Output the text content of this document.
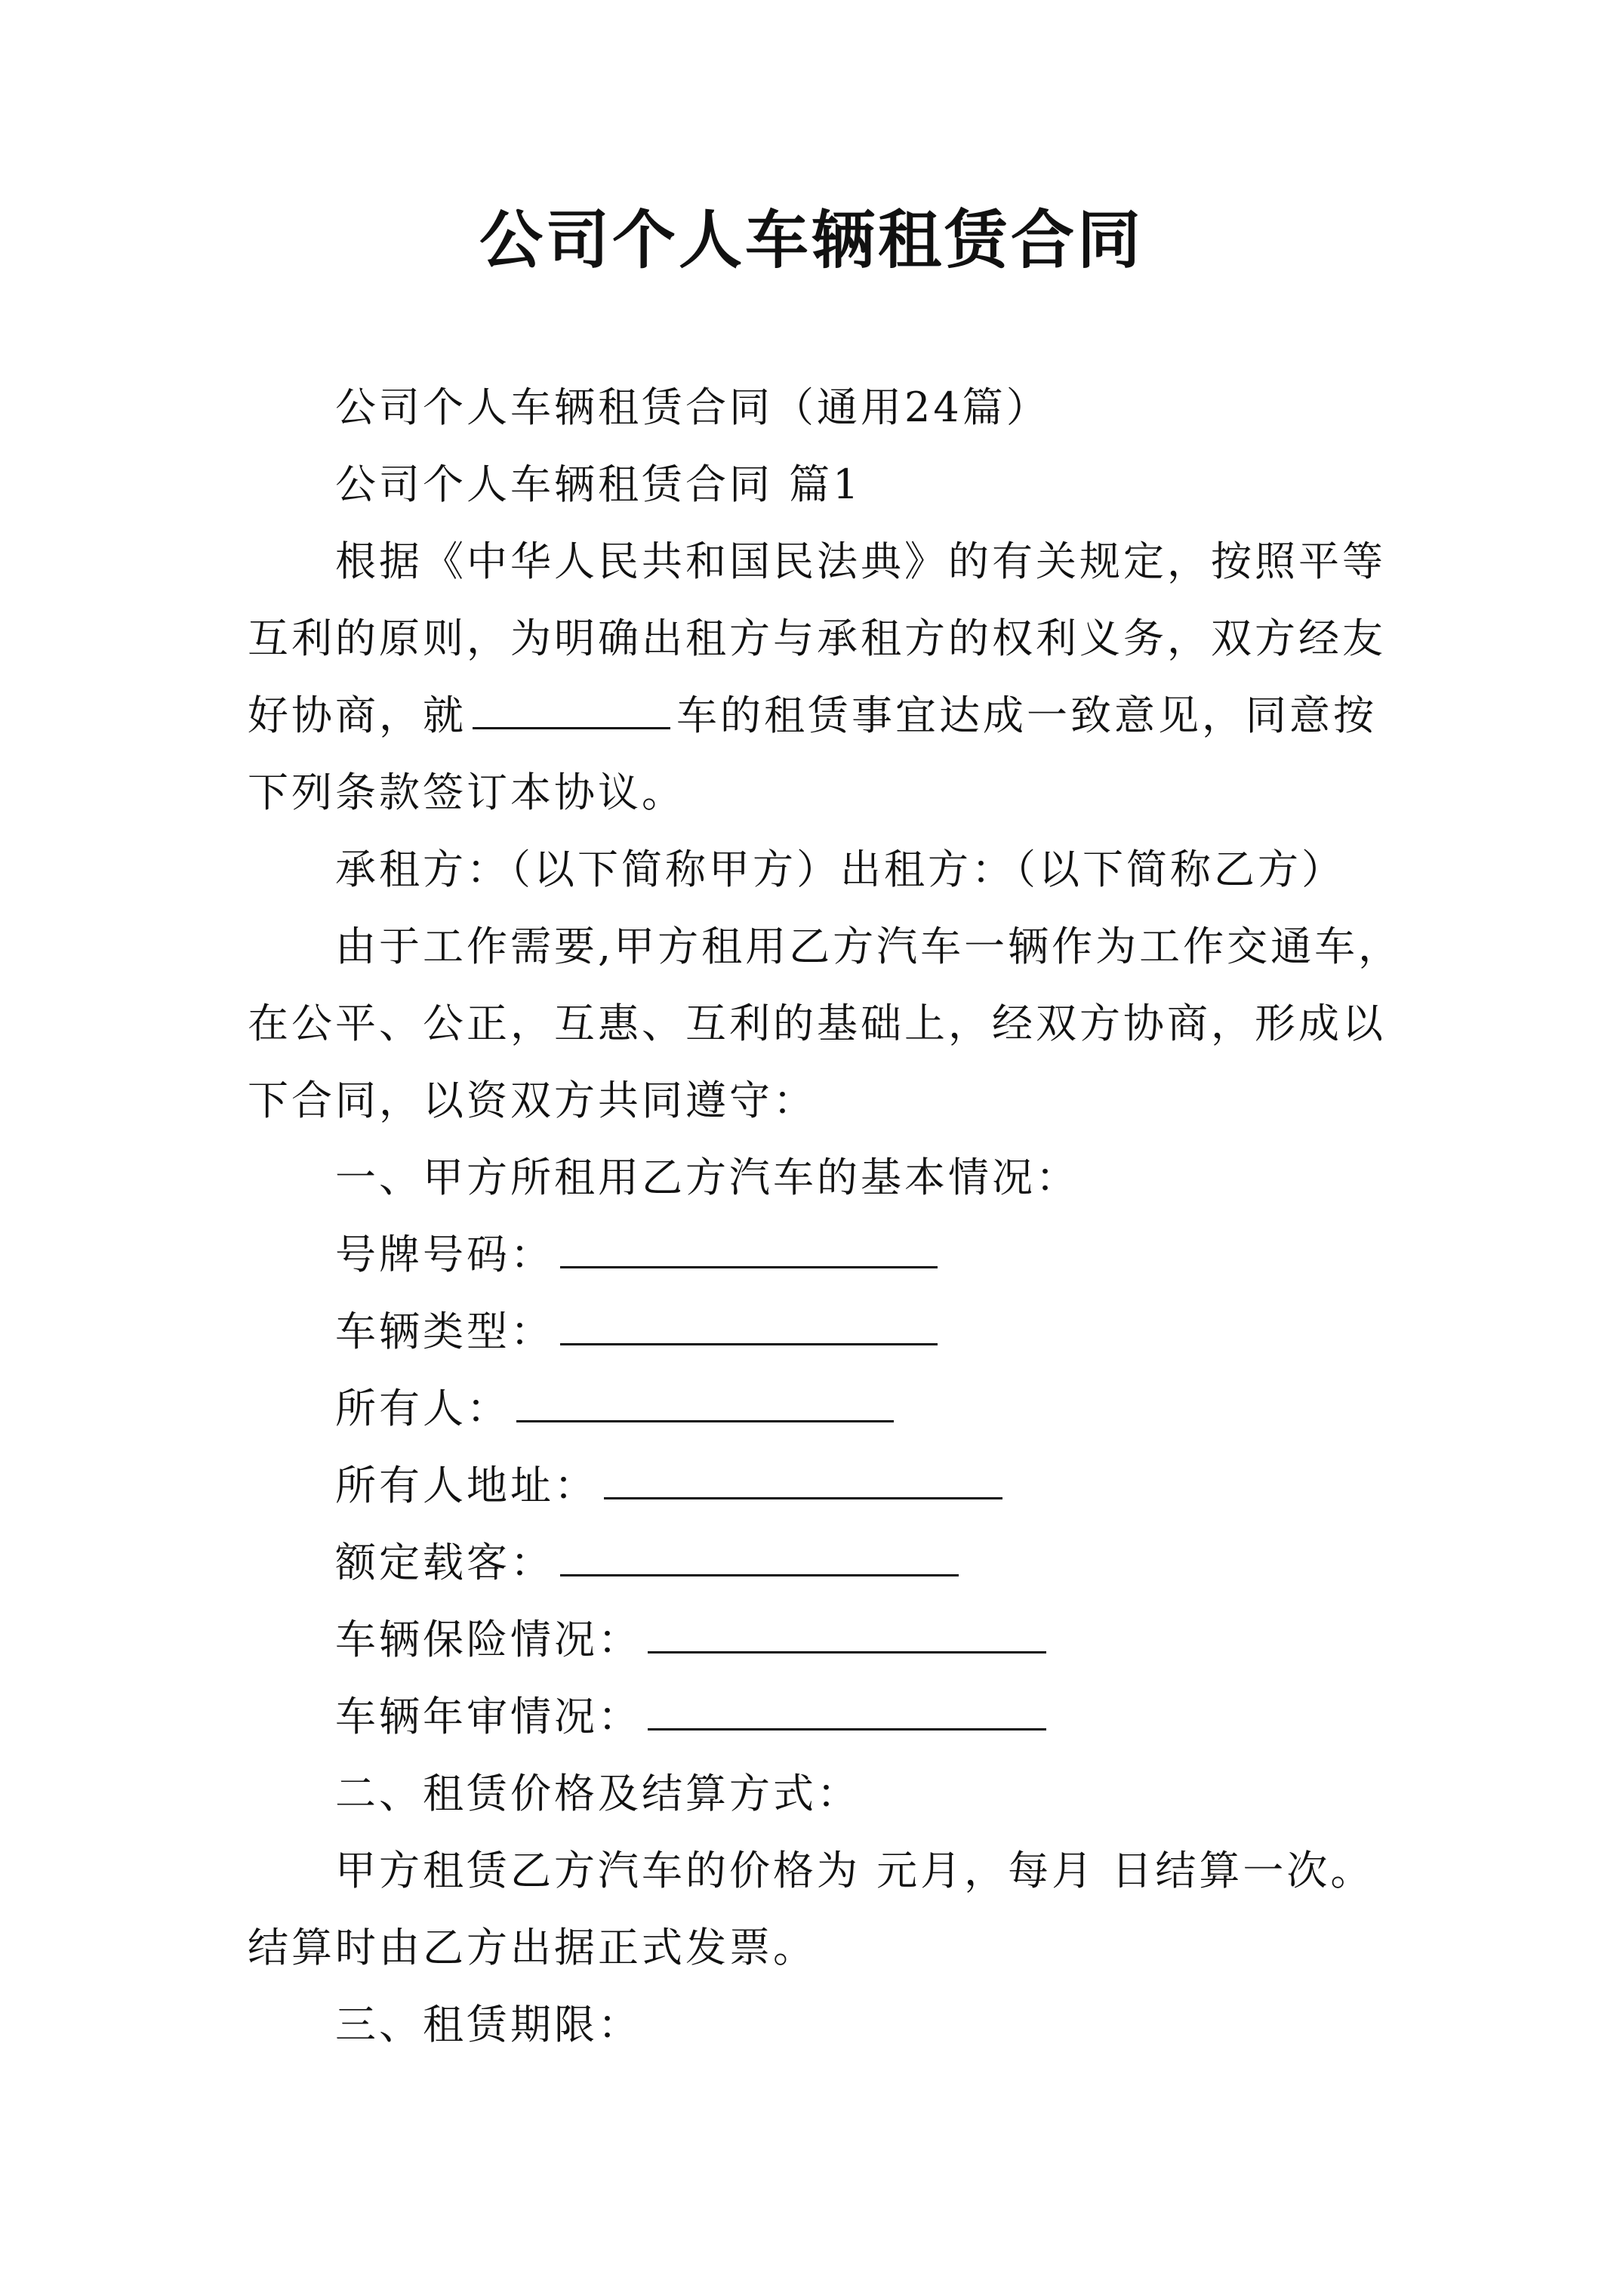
公司个人车辆租赁合同
公司个人车辆租赁合同（通用24篇）
公司个人车辆租赁合同 篇1
根据《中华人民共和国民法典》的有关规定，按照平等
互利的原则，为明确出租方与承租方的权利义务，双方经友
好协商，就	车的租赁事宜达成一致意见，同意按
下列条款签订本协议。
承租方：（以下简称甲方）出租方：（以下简称乙方）
由于工作需要,甲方租用乙方汽车一辆作为工作交通车，
在公平、公正，互惠、互利的基础上，经双方协商，形成以
下合同，以资双方共同遵守：
一、甲方所租用乙方汽车的基本情况：
号牌号码：
车辆类型：
所有人：
所有人地址：
额定载客：
车辆保险情况：
车辆年审情况：
二、租赁价格及结算方式：
甲方租赁乙方汽车的价格为 元月，每月 日结算一次。
结算时由乙方出据正式发票。
三、租赁期限：
